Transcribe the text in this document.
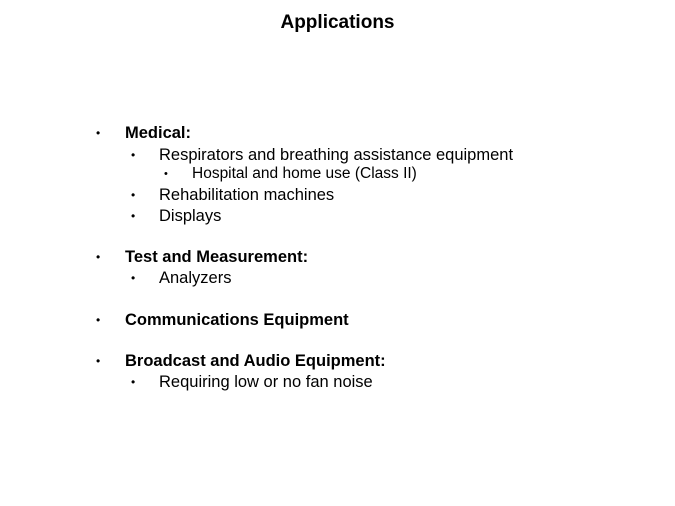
Applications
• Medical:
• Respirators and breathing assistance equipment
• Hospital and home use (Class II)
• Rehabilitation machines
• Displays
• Test and Measurement:
• Analyzers
• Communications Equipment
• Broadcast and Audio Equipment:
• Requiring low or no fan noise
